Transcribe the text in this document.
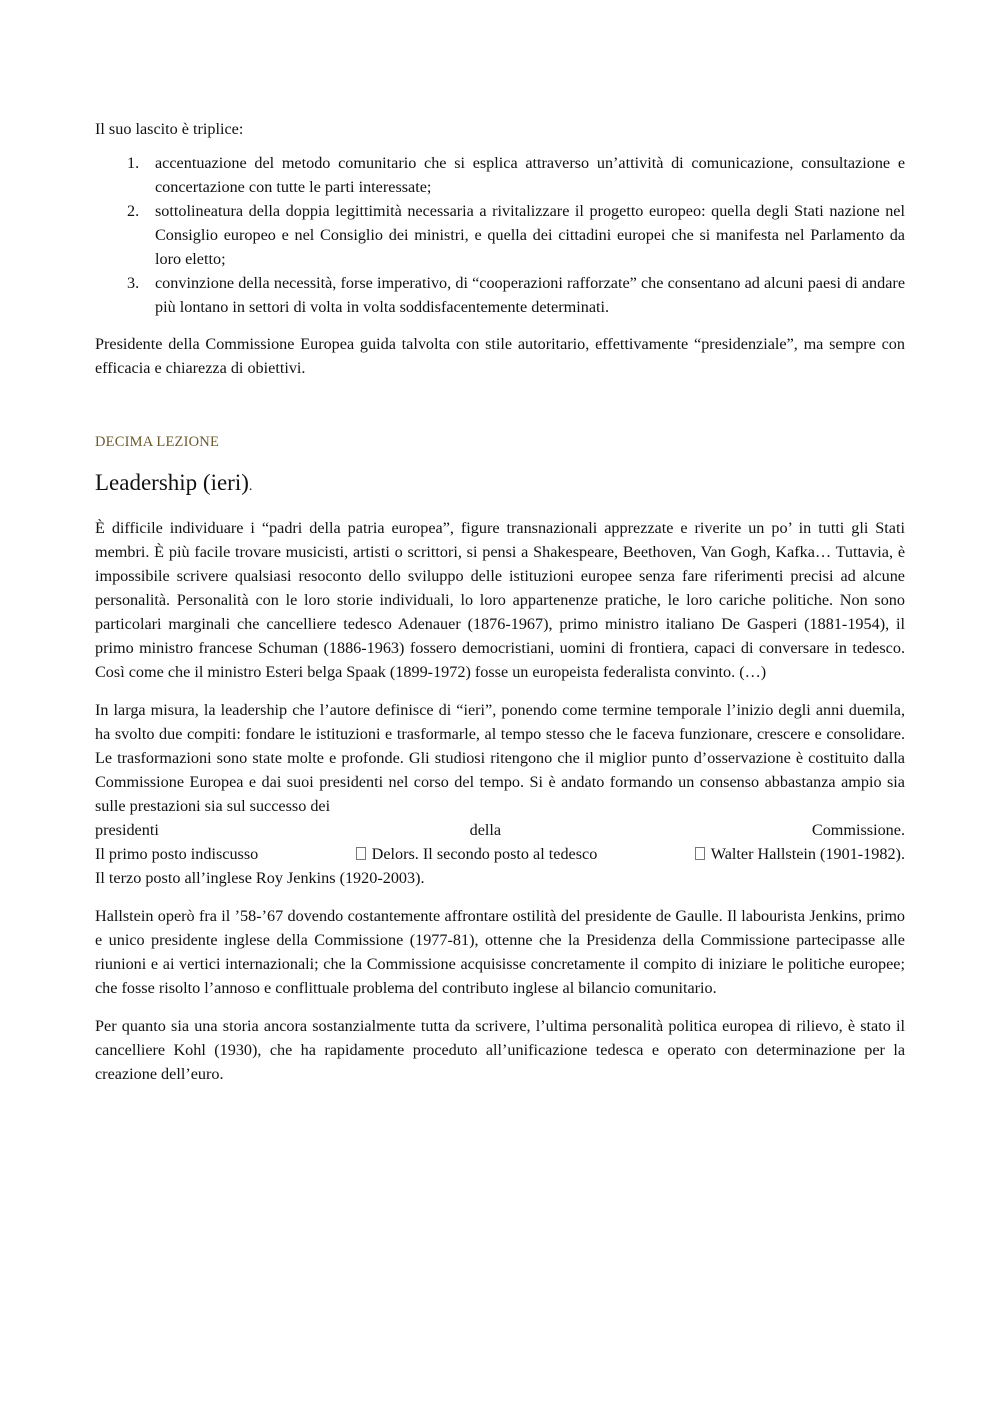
Il suo lascito è triplice:

1. accentuazione del metodo comunitario che si esplica attraverso un’attività di comunicazione, consultazione e concertazione con tutte le parti interessate;
2. sottolineatura della doppia legittimità necessaria a rivitalizzare il progetto europeo: quella degli Stati nazione nel Consiglio europeo e nel Consiglio dei ministri, e quella dei cittadini europei che si manifesta nel Parlamento da loro eletto;
3. convinzione della necessità, forse imperativo, di “cooperazioni rafforzate” che consentano ad alcuni paesi di andare più lontano in settori di volta in volta soddisfacentemente determinati.

Presidente della Commissione Europea guida talvolta con stile autoritario, effettivamente “presidenziale”, ma sempre con efficacia e chiarezza di obiettivi.

DECIMA LEZIONE
Leadership (ieri).

È difficile individuare i “padri della patria europea”, figure transnazionali apprezzate e riverite un po’ in tutti gli Stati membri. È più facile trovare musicisti, artisti o scrittori, si pensi a Shakespeare, Beethoven, Van Gogh, Kafka… Tuttavia, è impossibile scrivere qualsiasi resoconto dello sviluppo delle istituzioni europee senza fare riferimenti precisi ad alcune personalità. Personalità con le loro storie individuali, lo loro appartenenze pratiche, le loro cariche politiche. Non sono particolari marginali che cancelliere tedesco Adenauer (1876-1967), primo ministro italiano De Gasperi (1881-1954), il primo ministro francese Schuman (1886-1963) fossero democristiani, uomini di frontiera, capaci di conversare in tedesco. Così come che il ministro Esteri belga Spaak (1899-1972) fosse un europeista federalista convinto. (…)

In larga misura, la leadership che l’autore definisce di “ieri”, ponendo come termine temporale l’inizio degli anni duemila, ha svolto due compiti: fondare le istituzioni e trasformarle, al tempo stesso che le faceva funzionare, crescere e consolidare. Le trasformazioni sono state molte e profonde. Gli studiosi ritengono che il miglior punto d’osservazione è costituito dalla Commissione Europea e dai suoi presidenti nel corso del tempo. Si è andato formando un consenso abbastanza ampio sia sulle prestazioni sia sul successo dei

presidenti	della	Commissione.
Il primo posto indiscusso	Delors. Il secondo posto al tedesco	Walter Hallstein (1901-1982).

Il terzo posto all’inglese Roy Jenkins (1920-2003).

Hallstein operò fra il ’58-’67 dovendo costantemente affrontare ostilità del presidente de Gaulle. Il labourista Jenkins, primo e unico presidente inglese della Commissione (1977-81), ottenne che la Presidenza della Commissione partecipasse alle riunioni e ai vertici internazionali; che la Commissione acquisisse concretamente il compito di iniziare le politiche europee; che fosse risolto l’annoso e conflittuale problema del contributo inglese al bilancio comunitario.

Per quanto sia una storia ancora sostanzialmente tutta da scrivere, l’ultima personalità politica europea di rilievo, è stato il cancelliere Kohl (1930), che ha rapidamente proceduto all’unificazione tedesca e operato con determinazione per la creazione dell’euro.
